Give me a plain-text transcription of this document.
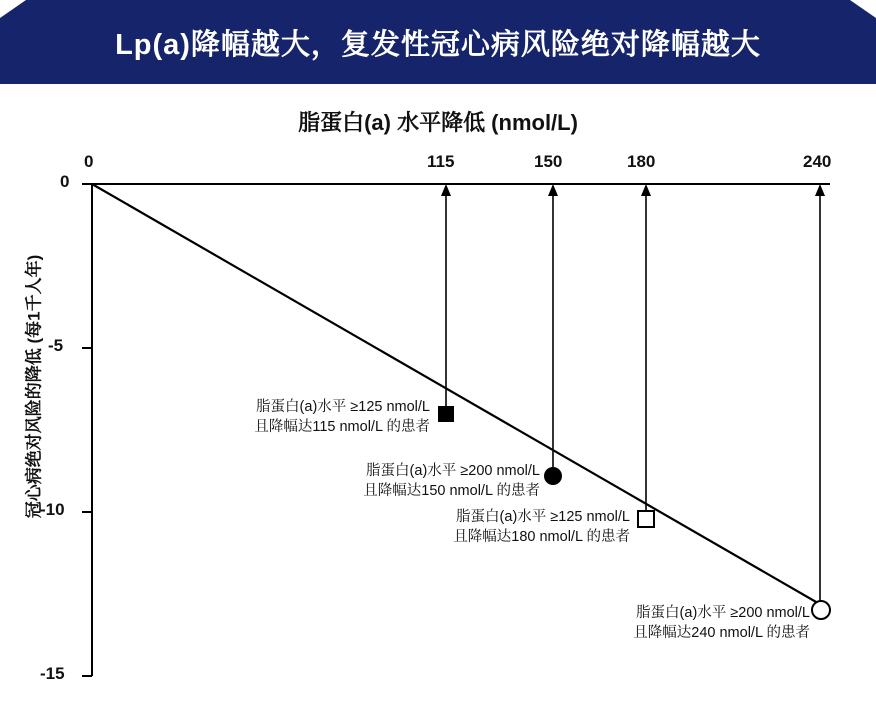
Lp(a)降幅越大，复发性冠心病风险绝对降幅越大
脂蛋白(a) 水平降低 (nmol/L)
冠心病绝对风险的降低 (每1千人年)
0	115	150	180	240
0
-5
-10
-15
脂蛋白(a)水平 ≥125 nmol/L
且降幅达115 nmol/L 的患者
脂蛋白(a)水平 ≥200 nmol/L
且降幅达150 nmol/L 的患者
脂蛋白(a)水平 ≥125 nmol/L
且降幅达180 nmol/L 的患者
脂蛋白(a)水平 ≥200 nmol/L
且降幅达240 nmol/L 的患者
